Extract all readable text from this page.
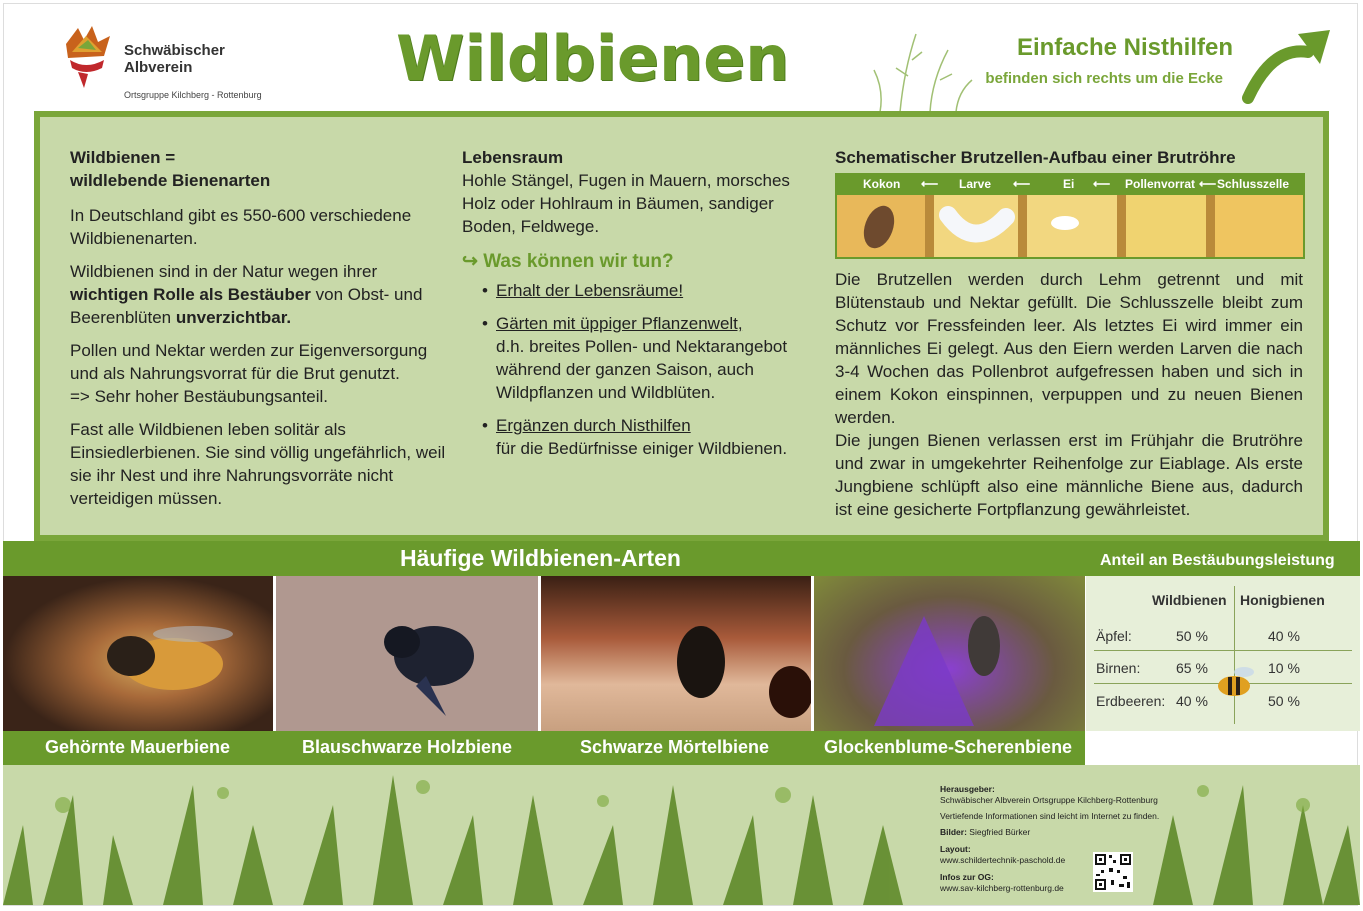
Schwäbischer
Albverein
Ortsgruppe Kilchberg - Rottenburg Wildbienen	Einfache Nisthilfen
befinden sich rechts um die Ecke
Wildbienen =
wildlebende Bienenarten

In Deutschland gibt es 550-600 verschiedene Wildbienenarten.

Wildbienen sind in der Natur wegen ihrer wichtigen Rolle als Bestäuber von Obst- und Beerenblüten unverzichtbar.

Pollen und Nektar werden zur Eigenversorgung und als Nahrungsvorrat für die Brut genutzt.
=> Sehr hoher Bestäubungsanteil.

Fast alle Wildbienen leben solitär als Einsiedlerbienen. Sie sind völlig ungefährlich, weil sie ihr Nest und ihre Nahrungsvorräte nicht verteidigen müssen.

Lebensraum
Hohle Stängel, Fugen in Mauern, morsches Holz oder Hohlraum in Bäumen, sandiger Boden, Feldwege.
↪ Was können wir tun?
• Erhalt der Lebensräume!
• Gärten mit üppiger Pflanzenwelt,
d.h. breites Pollen- und Nektarangebot während der ganzen Saison, auch Wildpflanzen und Wildblüten.
• Ergänzen durch Nisthilfen
für die Bedürfnisse einiger Wildbienen.
Schematischer Brutzellen-Aufbau einer Brutröhre
Kokon ⟵ Larve ⟵	Ei ⟵ Pollenvorrat ⟵ Schlusszelle
Die Brutzellen werden durch Lehm getrennt und mit Blütenstaub und Nektar gefüllt. Die Schlusszelle bleibt zum Schutz vor Fressfeinden leer. Als letztes Ei wird immer ein männliches Ei gelegt. Aus den Eiern werden Larven die nach 3-4 Wochen das Pollenbrot aufgefressen haben und sich in einem Kokon einspinnen, verpuppen und zu neuen Bienen werden.
Die jungen Bienen verlassen erst im Frühjahr die Brutröhre und zwar in umgekehrter Reihenfolge zur Eiablage. Als erste Jungbiene schlüpft also eine männliche Biene aus, dadurch ist eine gesicherte Fortpflanzung gewährleistet.
Häufige Wildbienen-Arten	Anteil an Bestäubungsleistung
Wildbienen Honigbienen
Äpfel:	50 %	40 %
Birnen:	65 %	10 %
Erdbeeren: 40 %	50 %
Gehörnte Mauerbiene	Blauschwarze Holzbiene	Schwarze Mörtelbiene	Glockenblume-Scherenbiene
Herausgeber:
Schwäbischer Albverein Ortsgruppe Kilchberg-Rottenburg
Vertiefende Informationen sind leicht im Internet zu finden.
Bilder: Siegfried Bürker
Layout:
www.schildertechnik-paschold.de
Infos zur OG:
www.sav-kilchberg-rottenburg.de
